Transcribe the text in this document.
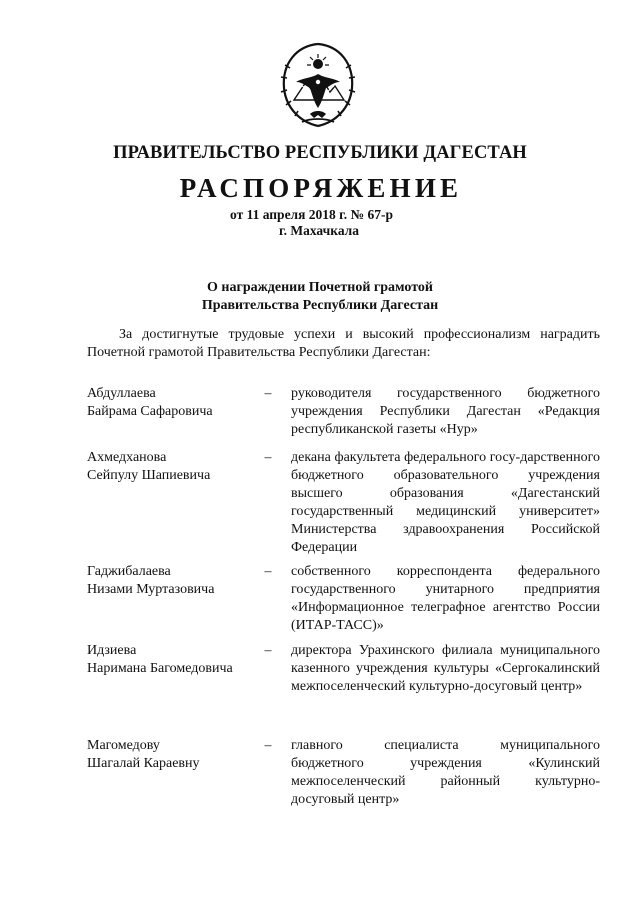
ПРАВИТЕЛЬСТВО РЕСПУБЛИКИ ДАГЕСТАН
РАСПОРЯЖЕНИЕ
от 11 апреля 2018 г. № 67-р
г. Махачкала
О награждении Почетной грамотой
Правительства Республики Дагестан
За достигнутые трудовые успехи и высокий профессионализм наградить Почетной грамотой Правительства Республики Дагестан:
Абдуллаева
Байрама Сафаровича
– руководителя государственного бюджетного учреждения Республики Дагестан «Редакция республиканской газеты «Нур»
Ахмедханова
Сейпулу Шапиевича
– декана факультета федерального госу-дарственного бюджетного образовательного учреждения высшего образования «Дагестанский государственный медицинский университет» Министерства здравоохранения Российской Федерации
Гаджибалаева
Низами Муртазовича
– собственного корреспондента федерального государственного унитарного предприятия «Информационное телеграфное агентство России (ИТАР-ТАСС)»
Идзиева
Наримана Багомедовича
– директора Урахинского филиала муниципального казенного учреждения культуры «Сергокалинский межпоселенческий культурно-досуговый центр»
Магомедову
Шагалай Караевну
– главного специалиста муниципального бюджетного учреждения «Кулинский межпоселенческий районный культурно-досуговый центр»
